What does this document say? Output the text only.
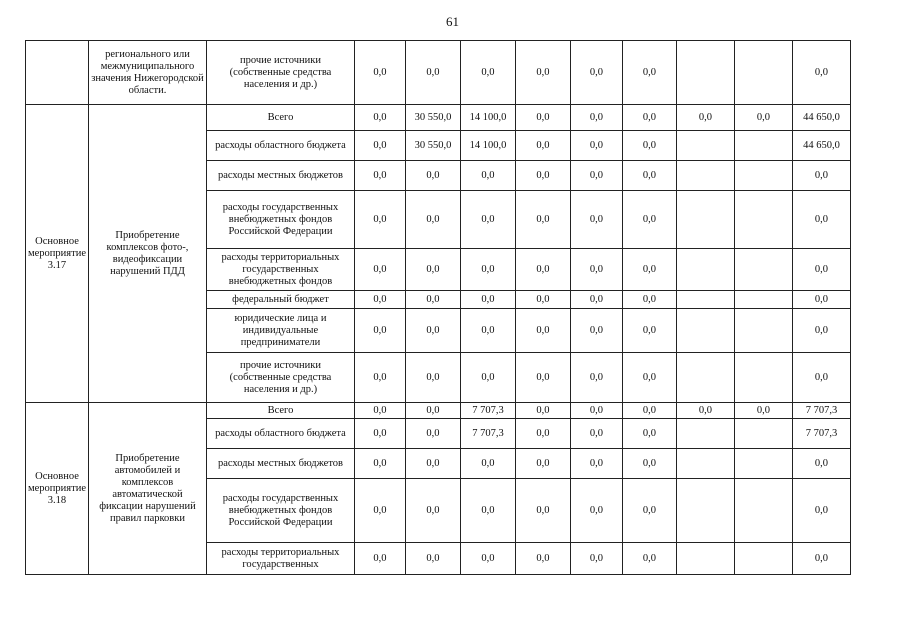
61
	регионального или межмуниципального значения Нижегородской области.	прочие источники (собственные средства населения и др.)	0,0	0,0	0,0	0,0	0,0	0,0			0,0
Основное мероприятие 3.17	Приобретение комплексов фото-, видеофиксации нарушений ПДД	Всего	0,0	30 550,0	14 100,0	0,0	0,0	0,0	0,0	0,0	44 650,0
		расходы областного бюджета	0,0	30 550,0	14 100,0	0,0	0,0	0,0			44 650,0
		расходы местных бюджетов	0,0	0,0	0,0	0,0	0,0	0,0			0,0
		расходы государственных внебюджетных фондов Российской Федерации	0,0	0,0	0,0	0,0	0,0	0,0			0,0
		расходы территориальных государственных внебюджетных фондов	0,0	0,0	0,0	0,0	0,0	0,0			0,0
		федеральный бюджет	0,0	0,0	0,0	0,0	0,0	0,0			0,0
		юридические лица и индивидуальные предприниматели	0,0	0,0	0,0	0,0	0,0	0,0			0,0
		прочие источники (собственные средства населения и др.)	0,0	0,0	0,0	0,0	0,0	0,0			0,0
Основное мероприятие 3.18	Приобретение автомобилей и комплексов автоматической фиксации нарушений правил парковки	Всего	0,0	0,0	7 707,3	0,0	0,0	0,0	0,0	0,0	7 707,3
		расходы областного бюджета	0,0	0,0	7 707,3	0,0	0,0	0,0			7 707,3
		расходы местных бюджетов	0,0	0,0	0,0	0,0	0,0	0,0			0,0
		расходы государственных внебюджетных фондов Российской Федерации	0,0	0,0	0,0	0,0	0,0	0,0			0,0
		расходы территориальных государственных	0,0	0,0	0,0	0,0	0,0	0,0			0,0
